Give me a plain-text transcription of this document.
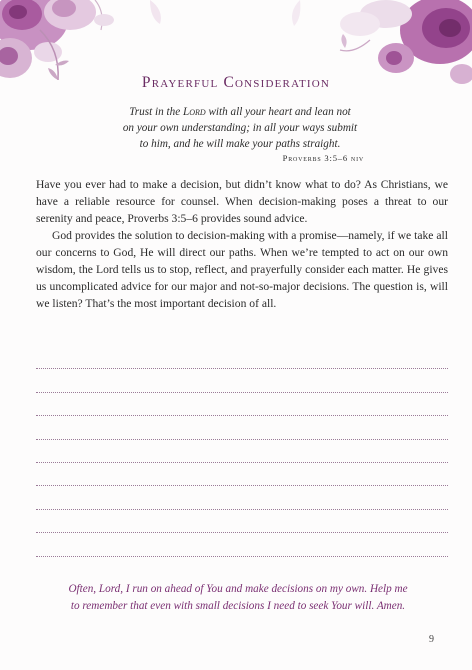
Prayerful Consideration
Trust in the Lord with all your heart and lean not
on your own understanding; in all your ways submit
to him, and he will make your paths straight.
Proverbs 3:5–6 niv

Have you ever had to make a decision, but didn’t know what to do? As Christians, we have a reliable resource for counsel. When decision-making poses a threat to our serenity and peace, Proverbs 3:5–6 provides sound advice.

God provides the solution to decision-making with a promise—namely, if we take all our concerns to God, He will direct our paths. When we’re tempted to act on our own wisdom, the Lord tells us to stop, reflect, and prayerfully consider each matter. He gives us uncomplicated advice for our major and not-so-major decisions. The question is, will we listen? That’s the most important decision of all.

Often, Lord, I run on ahead of You and make decisions on my own. Help me
to remember that even with small decisions I need to seek Your will. Amen.
9
